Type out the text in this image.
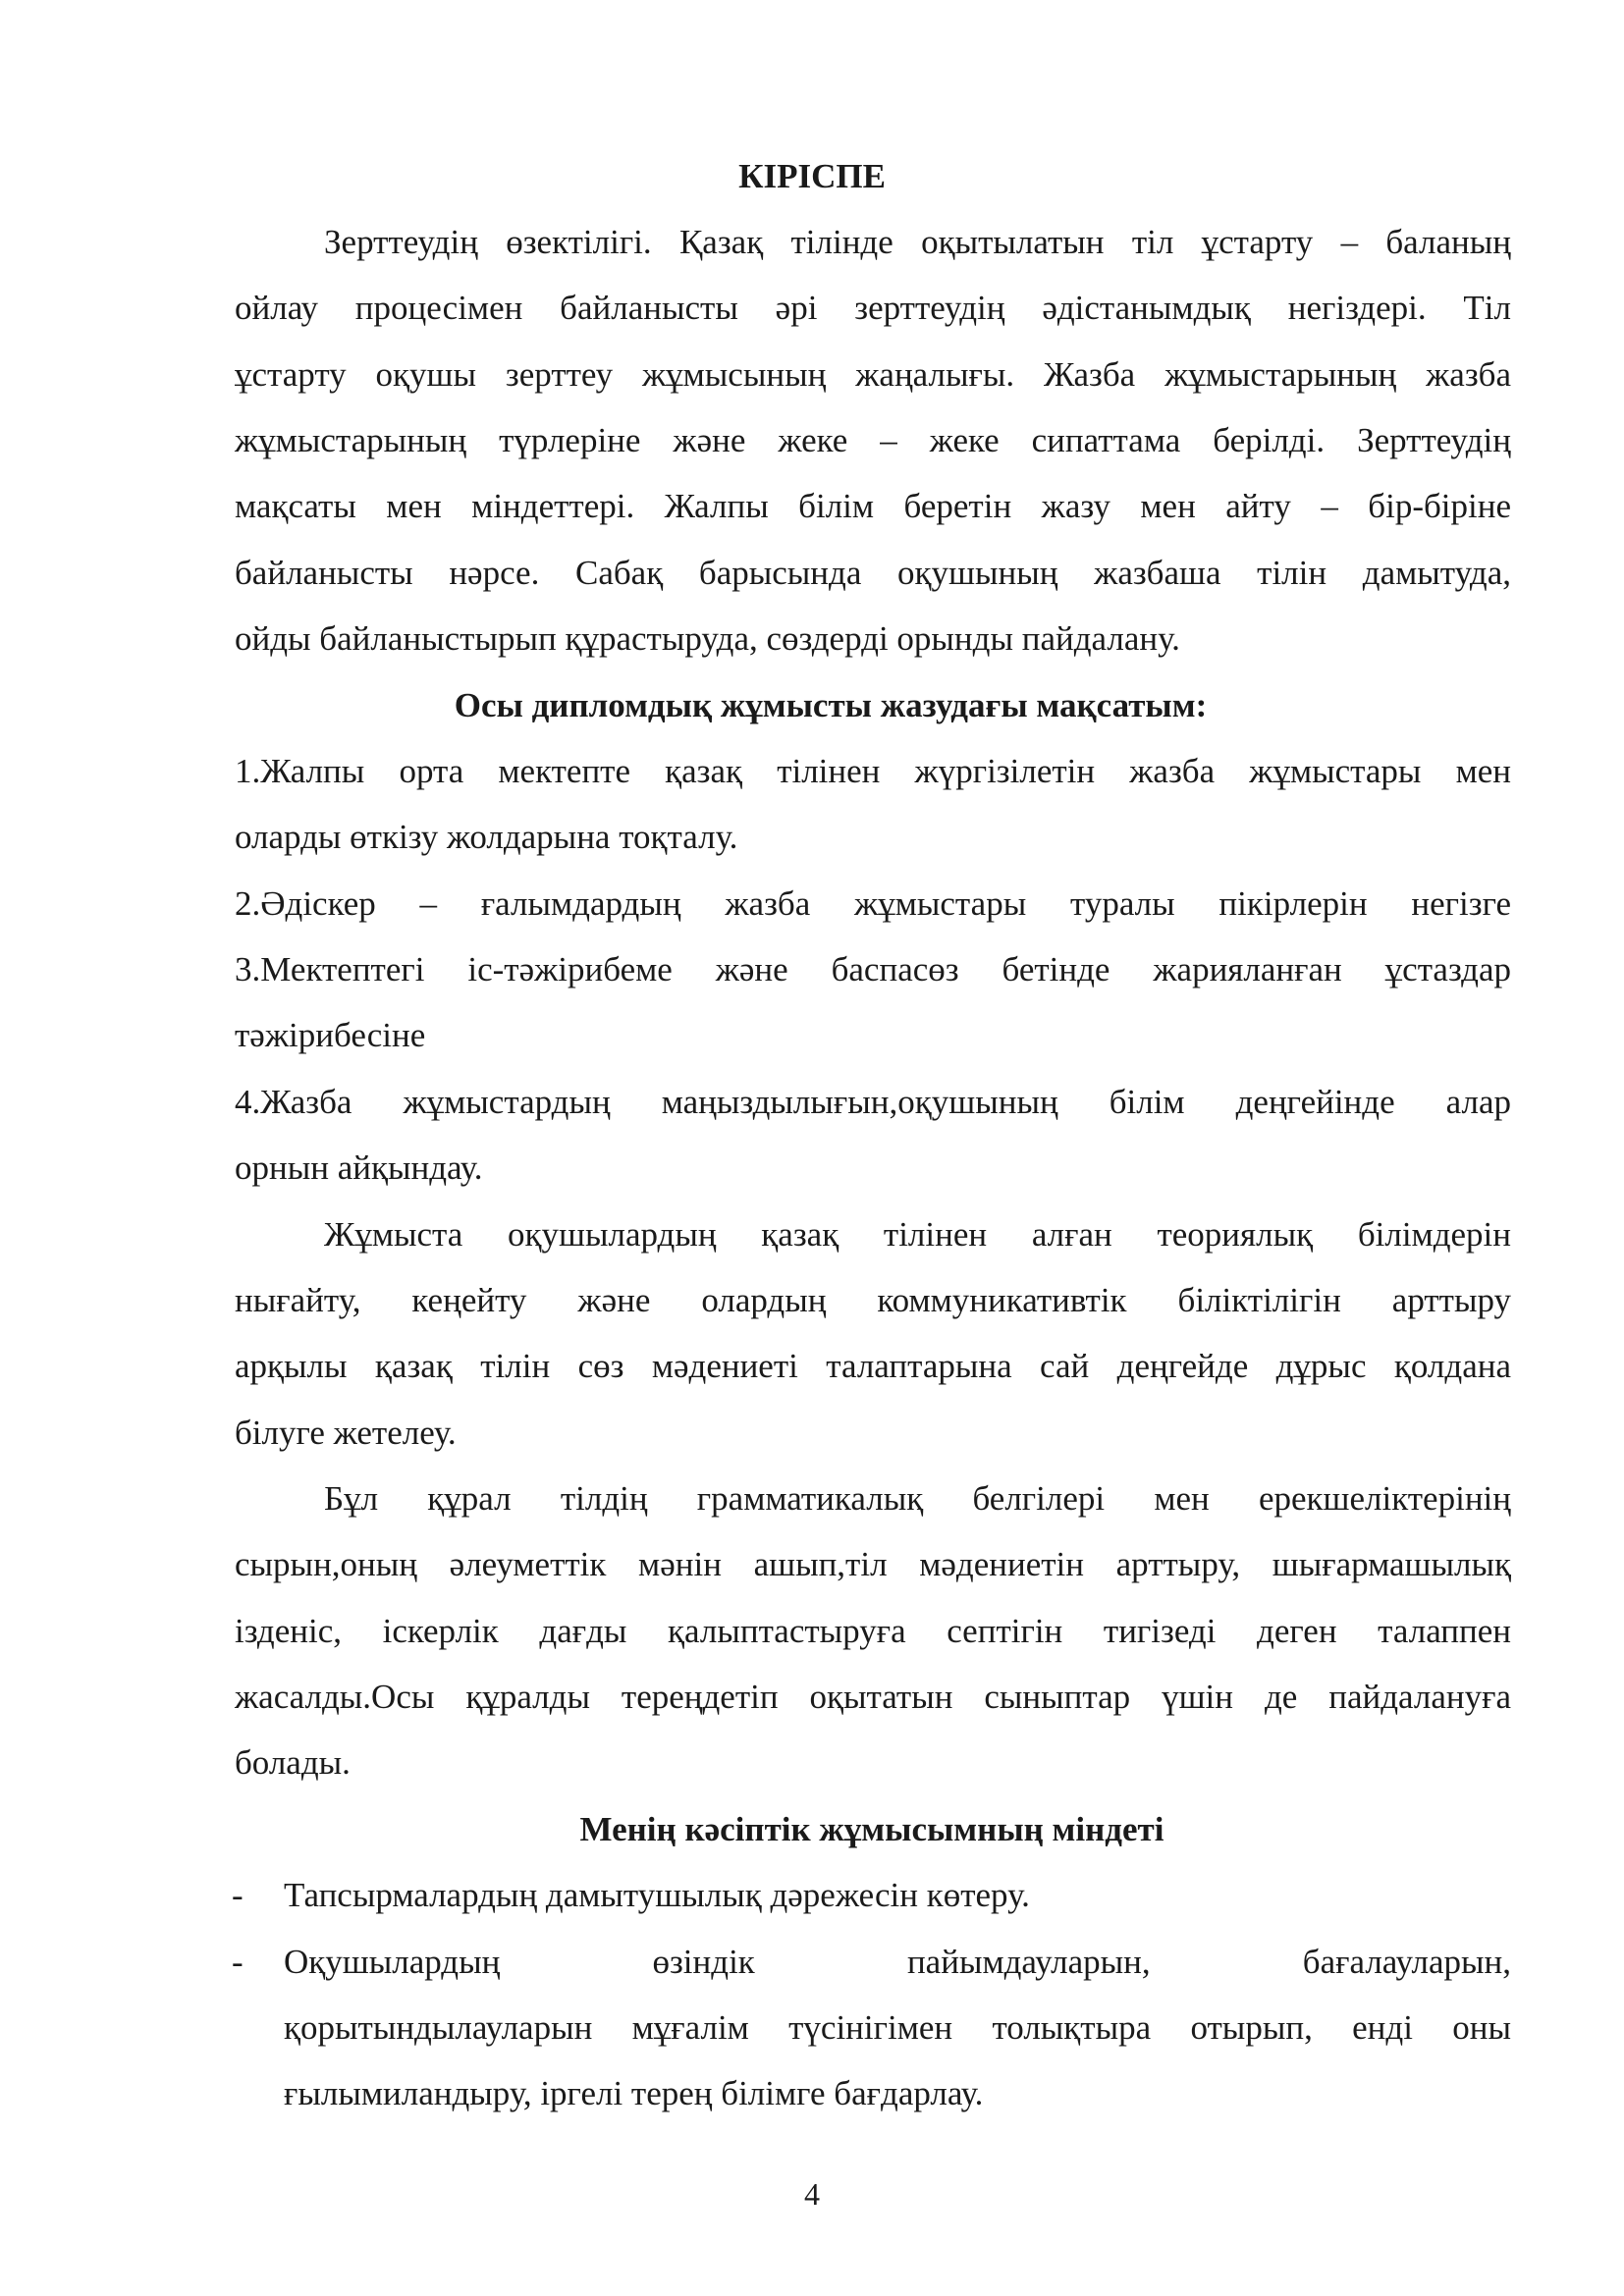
КІРІСПЕ
Зерттеудің өзектілігі. Қазақ тілінде оқытылатын тіл ұстарту – баланың
ойлау процесімен байланысты әрі зерттеудің әдістанымдық негіздері. Тіл
ұстарту оқушы зерттеу жұмысының жаңалығы. Жазба жұмыстарының жазба
жұмыстарының түрлеріне және жеке – жеке сипаттама берілді. Зерттеудің
мақсаты мен міндеттері. Жалпы білім беретін жазу мен айту – бір-біріне
байланысты нәрсе. Сабақ барысында оқушының жазбаша тілін дамытуда,
ойды байланыстырып құрастыруда, сөздерді орынды пайдалану.
Осы дипломдық жұмысты жазудағы мақсатым:
1.Жалпы орта мектепте қазақ тілінен жүргізілетін жазба жұмыстары мен
оларды өткізу жолдарына тоқталу.
2.Әдіскер – ғалымдардың жазба жұмыстары туралы пікірлерін негізге
3.Мектептегі іс-тәжірибеме және баспасөз бетінде жарияланған ұстаздар
тәжірибесіне
4.Жазба жұмыстардың маңыздылығын,оқушының білім деңгейінде алар
орнын айқындау.
Жұмыста оқушылардың қазақ тілінен алған теориялық білімдерін
нығайту, кеңейту және олардың коммуникативтік біліктілігін арттыру
арқылы қазақ тілін сөз мәдениеті талаптарына сай деңгейде дұрыс қолдана
білуге жетелеу.
Бұл құрал тілдің грамматикалық белгілері мен ерекшеліктерінің
сырын,оның әлеуметтік мәнін ашып,тіл мәдениетін арттыру, шығармашылық
ізденіс, іскерлік дағды қалыптастыруға септігін тигізеді деген талаппен
жасалды.Осы құралды тереңдетіп оқытатын сыныптар үшін де пайдалануға
болады.
Менің кәсіптік жұмысымның міндеті
-	Тапсырмалардың дамытушылық дәрежесін көтеру.
-	Оқушылардың өзіндік пайымдауларын, бағалауларын,
қорытындылауларын мұғалім түсінігімен толықтыра отырып, енді оны
ғылымиландыру, іргелі терең білімге бағдарлау.
4
